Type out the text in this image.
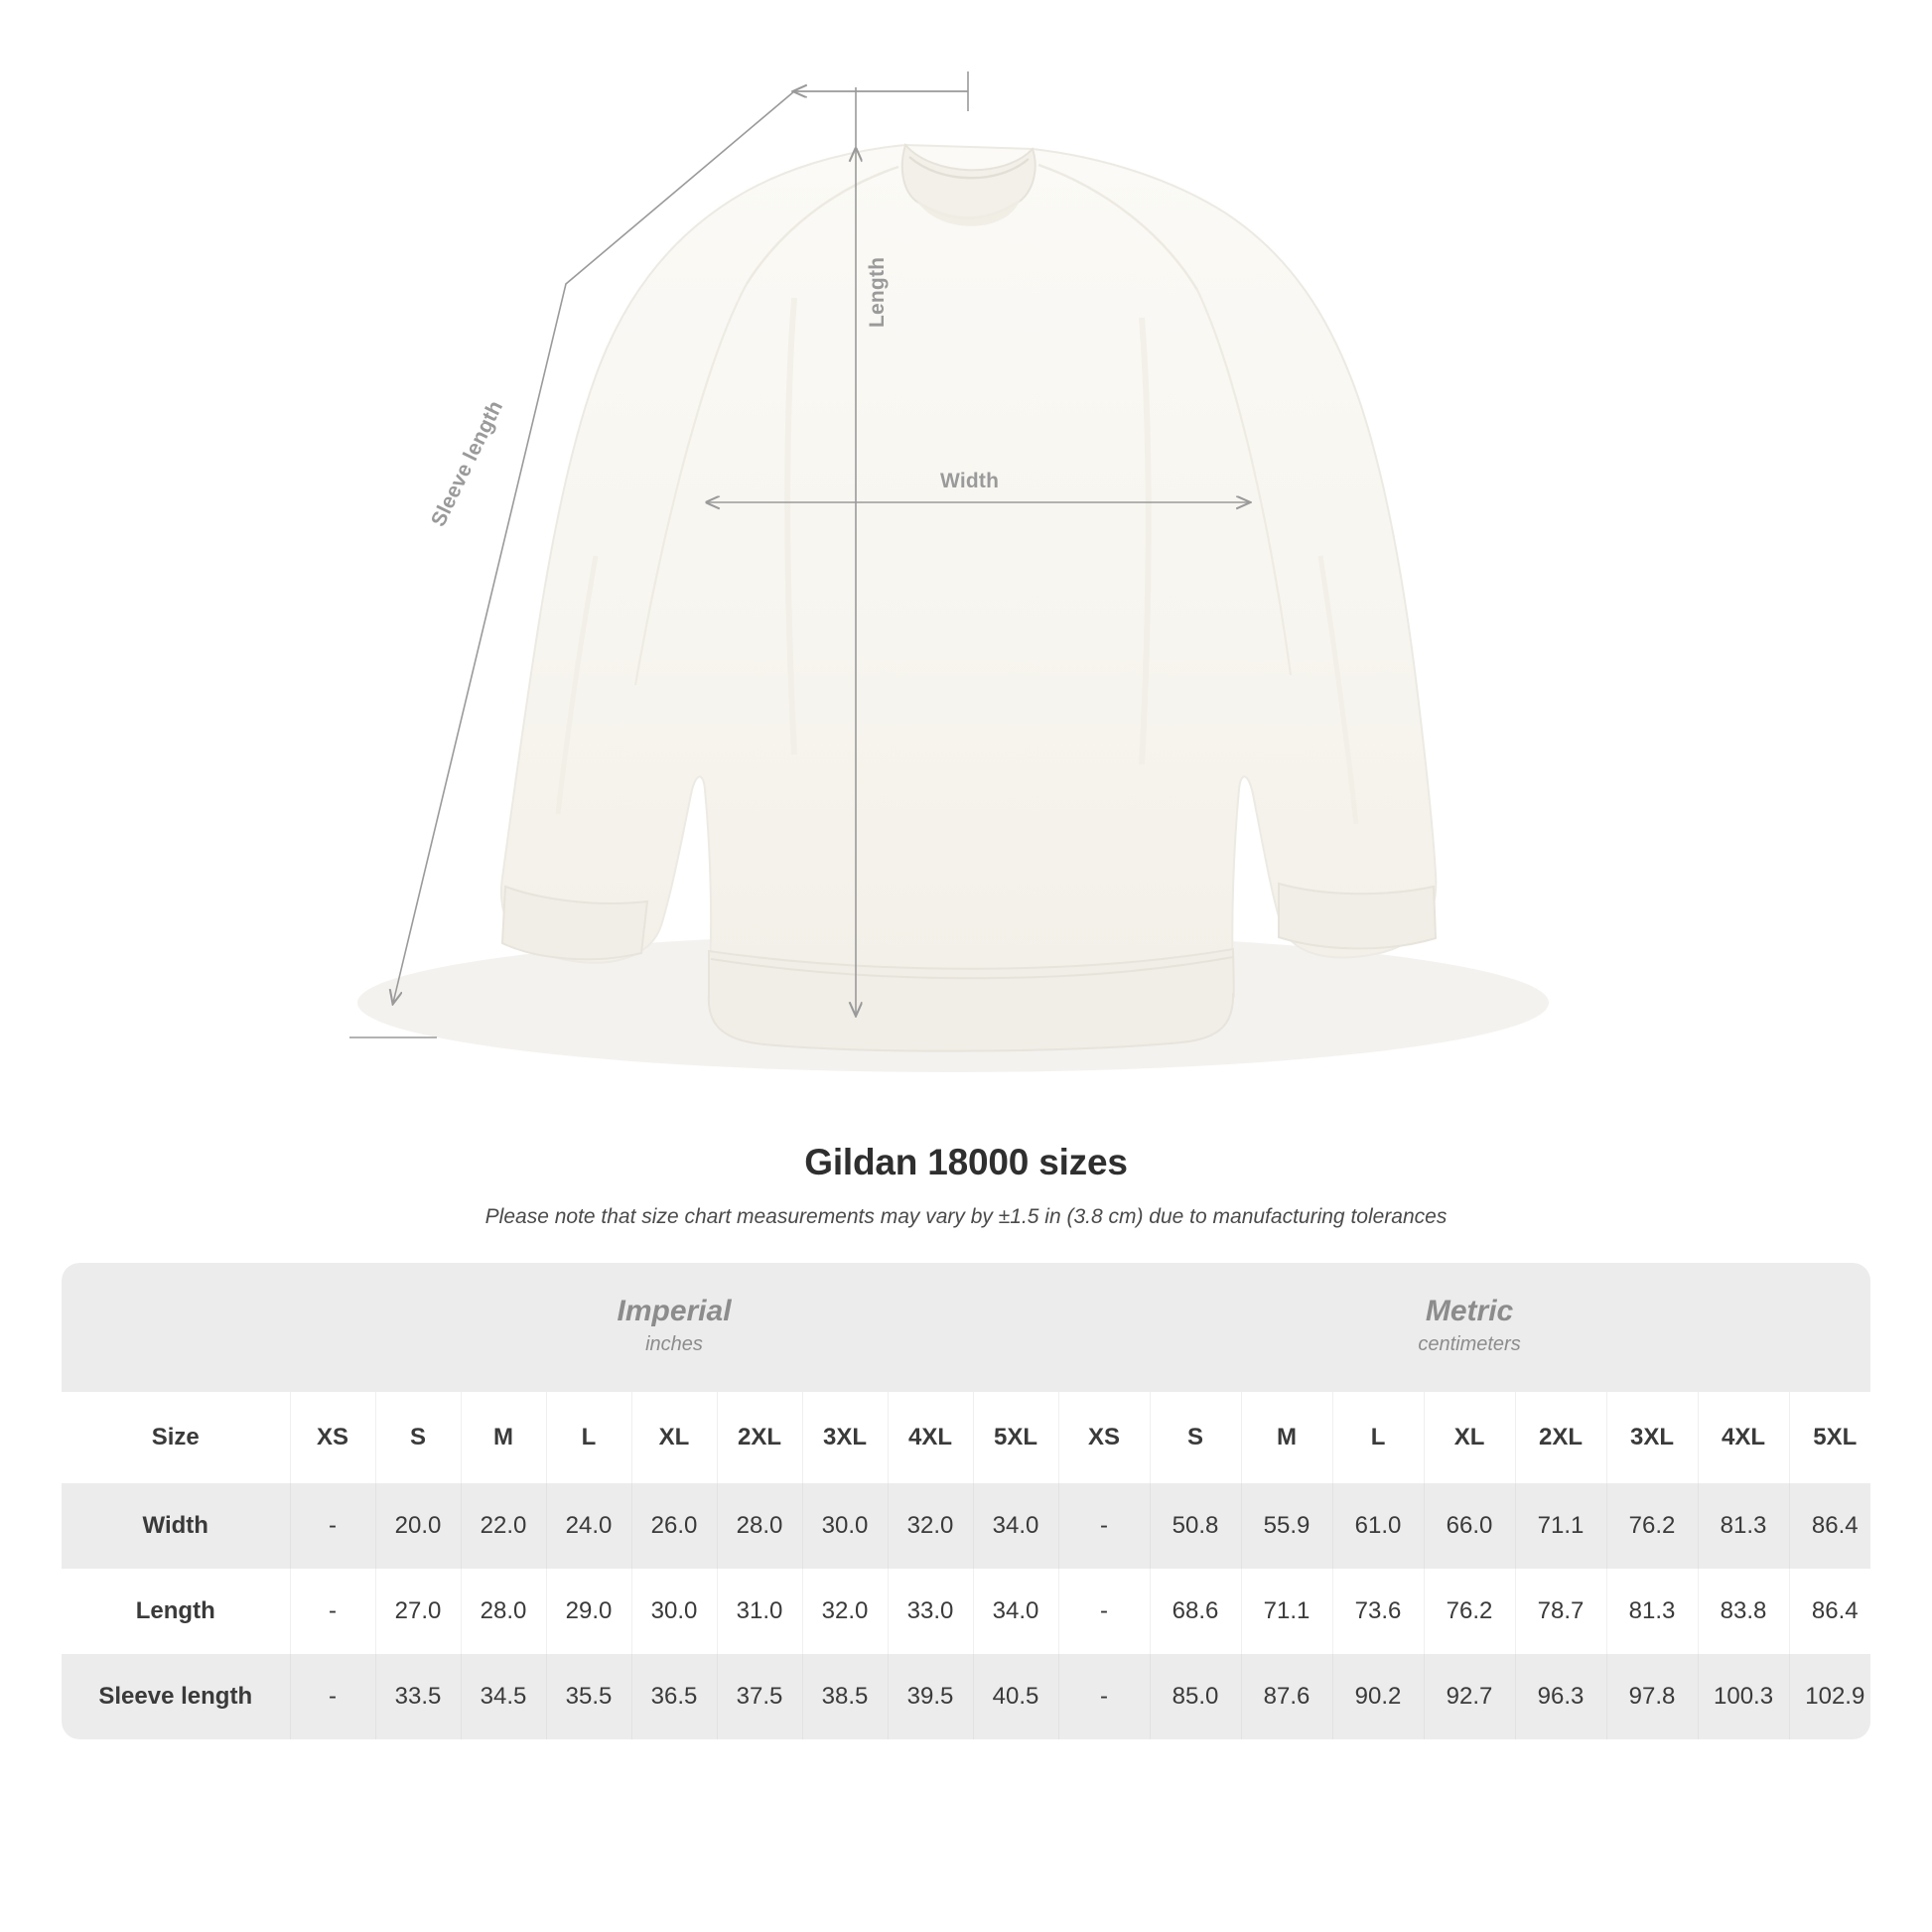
Width
Length
Sleeve length
Gildan 18000 sizes
Please note that size chart measurements may vary by ±1.5 in (3.8 cm) due to manufacturing tolerances

Imperial
inches

Metric
centimeters

Size	XS	S	M	L	XL	2XL	3XL	4XL	5XL	XS	S	M	L	XL	2XL	3XL	4XL	5XL
Width	-	20.0	22.0	24.0	26.0	28.0	30.0	32.0	34.0	-	50.8	55.9	61.0	66.0	71.1	76.2	81.3	86.4
Length	-	27.0	28.0	29.0	30.0	31.0	32.0	33.0	34.0	-	68.6	71.1	73.6	76.2	78.7	81.3	83.8	86.4
Sleeve length	-	33.5	34.5	35.5	36.5	37.5	38.5	39.5	40.5	-	85.0	87.6	90.2	92.7	96.3	97.8	100.3	102.9
